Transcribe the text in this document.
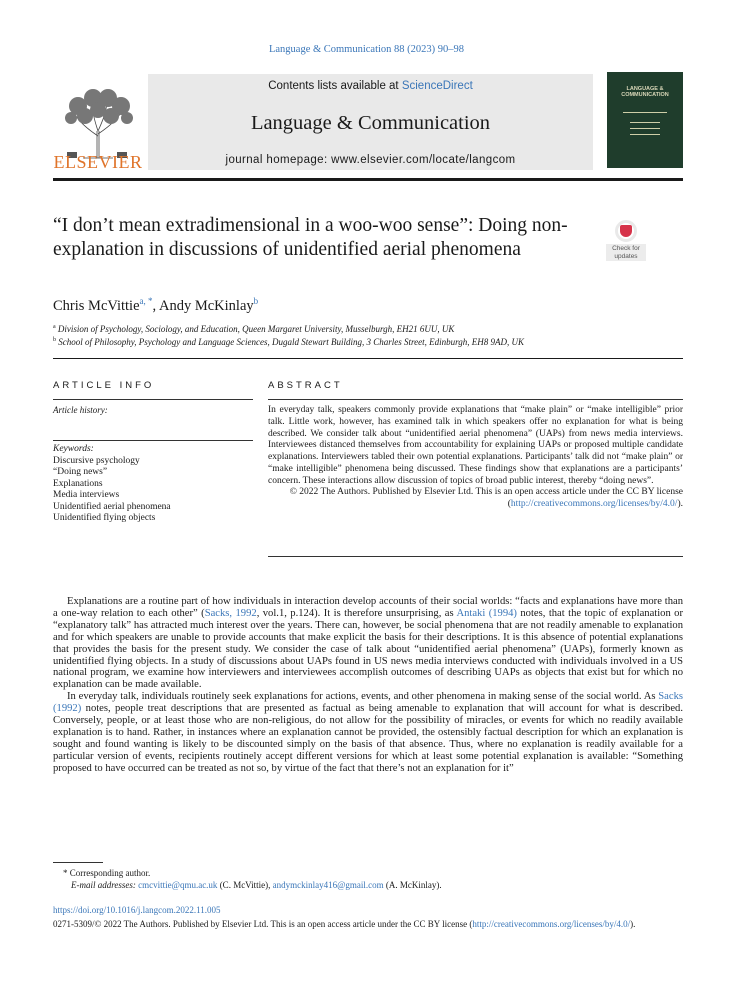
Language & Communication 88 (2023) 90–98
ELSEVIER
Contents lists available at ScienceDirect
Language & Communication
journal homepage: www.elsevier.com/locate/langcom
LANGUAGE & COMMUNICATION
“I don’t mean extradimensional in a woo-woo sense”: Doing non-explanation in discussions of unidentified aerial phenomena	Check for updates
Chris McVittie$^{a, *}$, Andy McKinlay$^b$
$^a$ Division of Psychology, Sociology, and Education, Queen Margaret University, Musselburgh, EH21 6UU, UK
$^b$ School of Philosophy, Psychology and Language Sciences, Dugald Stewart Building, 3 Charles Street, Edinburgh, EH8 9AD, UK
ARTICLE INFO	ABSTRACT
Article history:
Keywords:
Discursive psychology
“Doing news”
Explanations
Media interviews
Unidentified aerial phenomena
Unidentified flying objects

In everyday talk, speakers commonly provide explanations that “make plain” or “make intelligible” prior talk. Little work, however, has examined talk in which speakers offer no explanation for what is being described. We consider talk about “unidentified aerial phenomena” (UAPs) from news media interviews. Interviewees distanced themselves from accountability for explaining UAPs or proposed multiple candidate explanations. Interviewers tabled their own potential explanations. Participants’ talk did not “make plain” or “make intelligible” phenomena being discussed. These findings show that explanations are a participants’ concern. These interactions allow discussion of topics of broad public interest, thereby “doing news”.

© 2022 The Authors. Published by Elsevier Ltd. This is an open access article under the CC BY license (http://creativecommons.org/licenses/by/4.0/).

Explanations are a routine part of how individuals in interaction develop accounts of their social worlds: “facts and explanations have more than a one-way relation to each other” (Sacks, 1992, vol.1, p.124). It is therefore unsurprising, as Antaki (1994) notes, that the topic of explanation or “explanatory talk” has attracted much interest over the years. There can, however, be social phenomena that are not readily amenable to explanation and for which speakers are unable to provide accounts that make explicit the basis for their descriptions. It is this absence of potential explanations that provides the basis for the present study. We consider the case of talk about “unidentified aerial phenomena” (UAPs), formerly known as unidentified flying objects. In a study of discussions about UAPs found in US news media interviews conducted with individuals involved in a US national program, we examine how interviewers and interviewees accomplish outcomes of describing UAPs as objects that exist but for which no explanation can be made available.

In everyday talk, individuals routinely seek explanations for actions, events, and other phenomena in making sense of the social world. As Sacks (1992) notes, people treat descriptions that are presented as factual as being amenable to explanation that will account for what is described. Conversely, people, or at least those who are non-religious, do not allow for the possibility of miracles, or events for which no readily available explanation is to hand. Rather, in instances where an explanation cannot be provided, the ostensibly factual description for which an explanation is sought and found wanting is likely to be discounted simply on the basis of that absence. Thus, where no explanation is readily available for a particular version of events, recipients routinely accept different versions for which at least some potential explanation is available: “Something proposed to have occurred can be treated as not so, by virtue of the fact that there’s not an explanation for it”

* Corresponding author.
E-mail addresses: cmcvittie@qmu.ac.uk (C. McVittie), andymckinlay416@gmail.com (A. McKinlay).
https://doi.org/10.1016/j.langcom.2022.11.005
0271-5309/© 2022 The Authors. Published by Elsevier Ltd. This is an open access article under the CC BY license (http://creativecommons.org/licenses/by/4.0/).
